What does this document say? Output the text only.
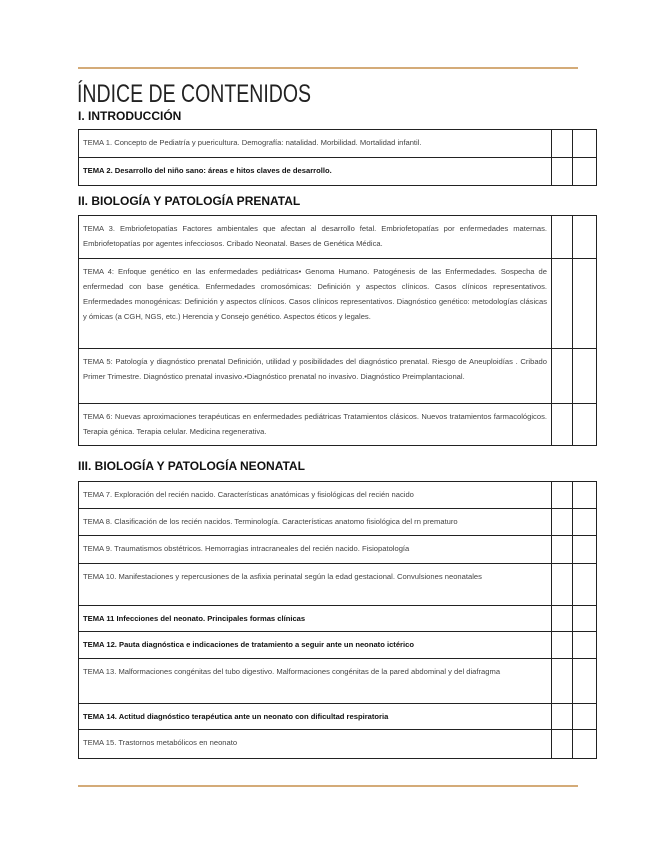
ÍNDICE DE CONTENIDOS
I. INTRODUCCIÓN
TEMA 1. Concepto de Pediatría y puericultura. Demografía: natalidad. Morbilidad. Mortalidad infantil.		
TEMA 2. Desarrollo del niño sano: áreas e hitos claves de desarrollo.		
II. BIOLOGÍA Y PATOLOGÍA PRENATAL
TEMA 3. Embriofetopatías Factores ambientales que afectan al desarrollo fetal. Embriofetopatías por enfermedades maternas. Embriofetopatías por agentes infecciosos. Cribado Neonatal. Bases de Genética Médica.		
TEMA 4: Enfoque genético en las enfermedades pediátricas• Genoma Humano. Patogénesis de las Enfermedades. Sospecha de enfermedad con base genética. Enfermedades cromosómicas: Definición y aspectos clínicos. Casos clínicos representativos. Enfermedades monogénicas: Definición y aspectos clínicos. Casos clínicos representativos. Diagnóstico genético: metodologías clásicas y ómicas (a CGH, NGS, etc.) Herencia y Consejo genético. Aspectos éticos y legales.		
TEMA 5: Patología y diagnóstico prenatal Definición, utilidad y posibilidades del diagnóstico prenatal. Riesgo de Aneuploidías . Cribado Primer Trimestre. Diagnóstico prenatal invasivo.•Diagnóstico prenatal no invasivo. Diagnóstico Preimplantacional.		
TEMA 6: Nuevas aproximaciones terapéuticas en enfermedades pediátricas Tratamientos clásicos. Nuevos tratamientos farmacológicos. Terapia génica. Terapia celular. Medicina regenerativa.		
III. BIOLOGÍA Y PATOLOGÍA NEONATAL
TEMA 7. Exploración del recién nacido. Características anatómicas y fisiológicas del recién nacido		
TEMA 8. Clasificación de los recién nacidos. Terminología. Características anatomo fisiológica del rn prematuro		
TEMA 9. Traumatismos obstétricos. Hemorragias intracraneales del recién nacido. Fisiopatología		
TEMA 10. Manifestaciones y repercusiones de la asfixia perinatal según la edad gestacional. Convulsiones neonatales		
TEMA 11 Infecciones del neonato. Principales formas clínicas		
TEMA 12. Pauta diagnóstica e indicaciones de tratamiento a seguir ante un neonato ictérico		
TEMA 13. Malformaciones congénitas del tubo digestivo. Malformaciones congénitas de la pared abdominal y del diafragma		
TEMA 14. Actitud diagnóstico terapéutica ante un neonato con dificultad respiratoria		
TEMA 15. Trastornos metabólicos en neonato		
